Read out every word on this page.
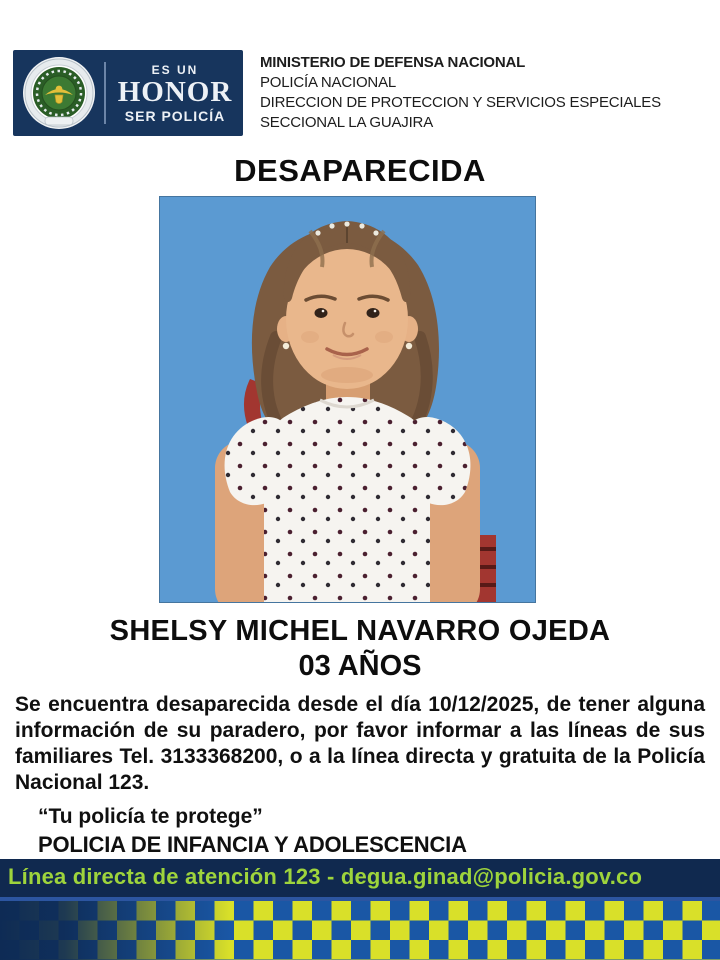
ES UN
HONOR
SER POLICÍA
MINISTERIO DE DEFENSA NACIONAL
POLICÍA NACIONAL
DIRECCION DE PROTECCION Y SERVICIOS ESPECIALES
SECCIONAL LA GUAJIRA
DESAPARECIDA
SHELSY MICHEL NAVARRO OJEDA
03 AÑOS

Se encuentra desaparecida desde el día 10/12/2025, de tener alguna información de su paradero, por favor informar a las líneas de sus familiares Tel. 3133368200, o a la línea directa y gratuita de la Policía Nacional 123.

“Tu policía te protege”

POLICIA DE INFANCIA Y ADOLESCENCIA

Línea directa de atención 123 - degua.ginad@policia.gov.co
